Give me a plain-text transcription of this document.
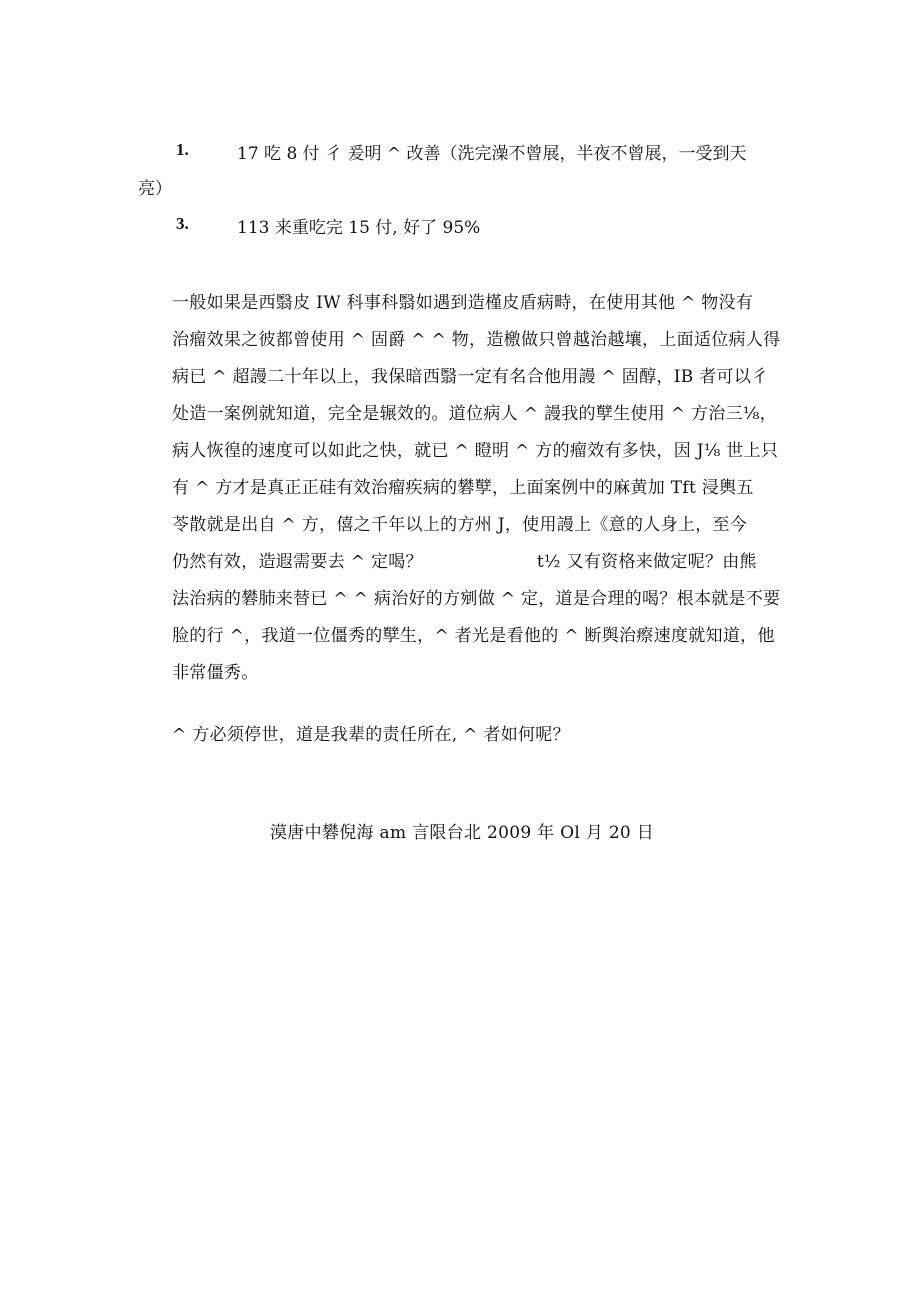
1.	17 吃 8 付 彳 爰明 ^ 改善（洗完澡不曾展，半夜不曾展，一受到天
亮）
3.	113 来重吃完 15 付, 好了 95%
一般如果是西翳皮 IW 科事科翳如遇到造槿皮盾病畤，在使用其他 ^ 物没有
治瘤效果之彼都曾使用 ^ 固爵 ^ ^ 物，造檄做只曾越治越壤，上面适位病人得
病已 ^ 超謾二十年以上，我保暗西翳一定有名合他用謾 ^ 固醇，IB 者可以彳
处造一案例就知道，完全是辗效的。道位病人 ^ 謾我的孼生使用 ^ 方治三⅛，
病人恢徨的速度可以如此之快，就已 ^ 瞪明 ^ 方的瘤效有多快，因 J⅛ 世上只
有 ^ 方才是真正正硅有效治瘤疾病的礬孼，上面案例中的麻黄加 Tft 浸輿五
苓散就是出自 ^ 方，僖之千年以上的方州 J，使用謾上《意的人身上，至今
仍然有效，造遐需要去 ^ 定喝？                    t½ 又有资格来做定呢？由熊
法治病的礬肺来替已 ^ ^ 病治好的方剜做 ^ 定，道是合理的喝？根本就是不要
脸的行 ^，我道一位僵秀的孼生，^ 者光是看他的 ^ 断舆治瘵速度就知道，他
非常僵秀。
^ 方必须停世，道是我辈的责任所在, ^ 者如何呢？
漠唐中礬倪海 am 言限台北 2009 年 Ol 月 20 日
